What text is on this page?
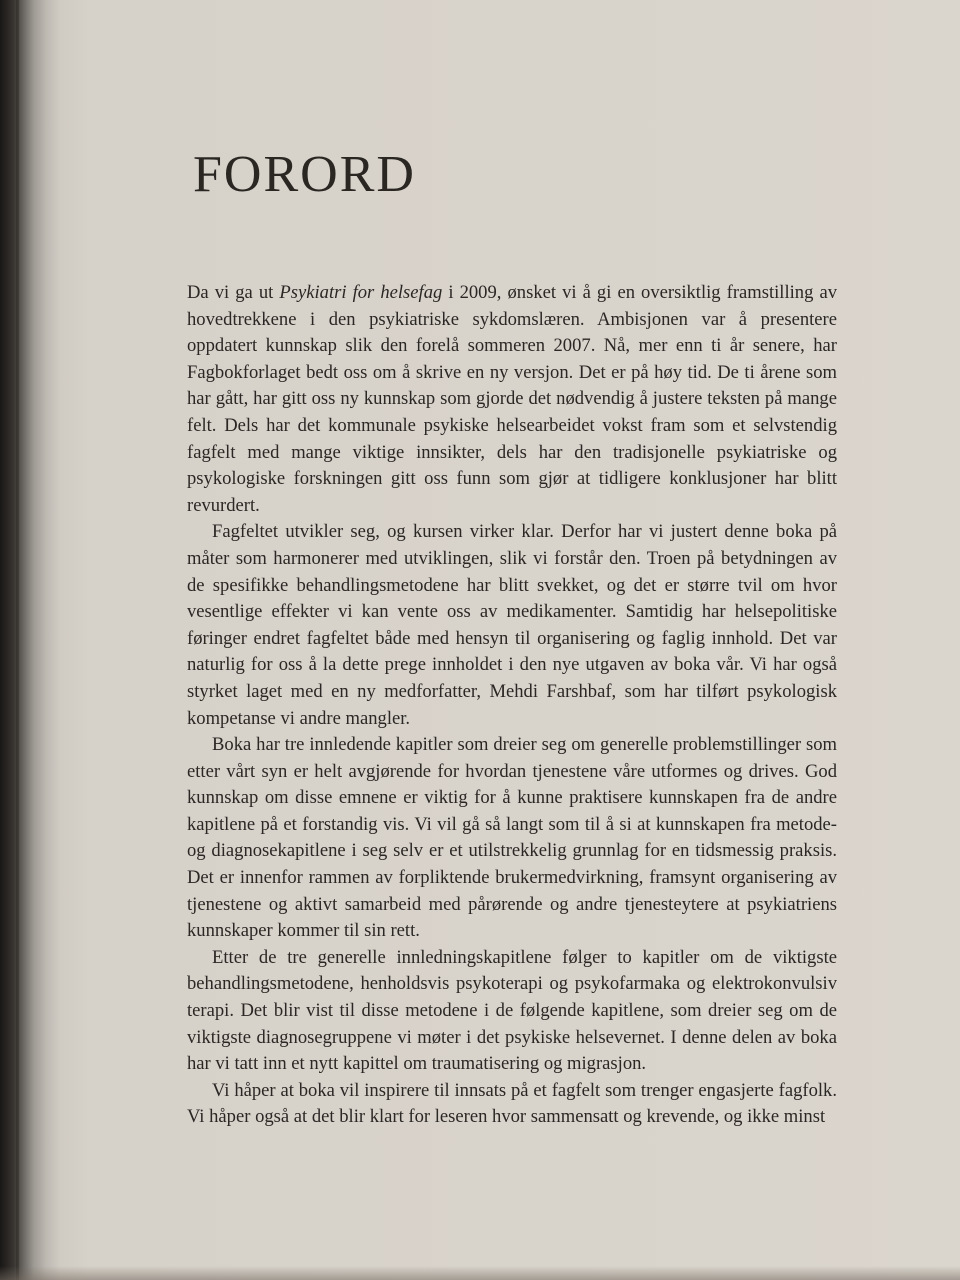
FORORD

Da vi ga ut Psykiatri for helsefag i 2009, ønsket vi å gi en oversiktlig framstilling av hovedtrekkene i den psykiatriske sykdomslæren. Ambisjonen var å presentere oppdatert kunnskap slik den forelå sommeren 2007. Nå, mer enn ti år senere, har Fagbokforlaget bedt oss om å skrive en ny versjon. Det er på høy tid. De ti årene som har gått, har gitt oss ny kunnskap som gjorde det nødvendig å justere teksten på mange felt. Dels har det kommunale psykiske helsearbeidet vokst fram som et selvstendig fagfelt med mange viktige innsikter, dels har den tradisjonelle psykiatriske og psykologiske forskningen gitt oss funn som gjør at tidligere konklusjoner har blitt revurdert.

Fagfeltet utvikler seg, og kursen virker klar. Derfor har vi justert denne boka på måter som harmonerer med utviklingen, slik vi forstår den. Troen på betydningen av de spesifikke behandlingsmetodene har blitt svekket, og det er større tvil om hvor vesentlige effekter vi kan vente oss av medikamenter. Samtidig har helsepolitiske føringer endret fagfeltet både med hensyn til organisering og faglig innhold. Det var naturlig for oss å la dette prege innholdet i den nye utgaven av boka vår. Vi har også styrket laget med en ny medforfatter, Mehdi Farshbaf, som har tilført psykologisk kompetanse vi andre mangler.

Boka har tre innledende kapitler som dreier seg om generelle problemstillinger som etter vårt syn er helt avgjørende for hvordan tjenestene våre utformes og drives. God kunnskap om disse emnene er viktig for å kunne praktisere kunnskapen fra de andre kapitlene på et forstandig vis. Vi vil gå så langt som til å si at kunnskapen fra metode- og diagnosekapitlene i seg selv er et utilstrekkelig grunnlag for en tidsmessig praksis. Det er innenfor rammen av forpliktende brukermedvirkning, framsynt organisering av tjenestene og aktivt samarbeid med pårørende og andre tjenesteytere at psykiatriens kunnskaper kommer til sin rett.

Etter de tre generelle innledningskapitlene følger to kapitler om de viktigste behandlingsmetodene, henholdsvis psykoterapi og psykofarmaka og elektrokonvulsiv terapi. Det blir vist til disse metodene i de følgende kapitlene, som dreier seg om de viktigste diagnosegruppene vi møter i det psykiske helsevernet. I denne delen av boka har vi tatt inn et nytt kapittel om traumatisering og migrasjon.

Vi håper at boka vil inspirere til innsats på et fagfelt som trenger engasjerte fagfolk. Vi håper også at det blir klart for leseren hvor sammensatt og krevende, og ikke minst
